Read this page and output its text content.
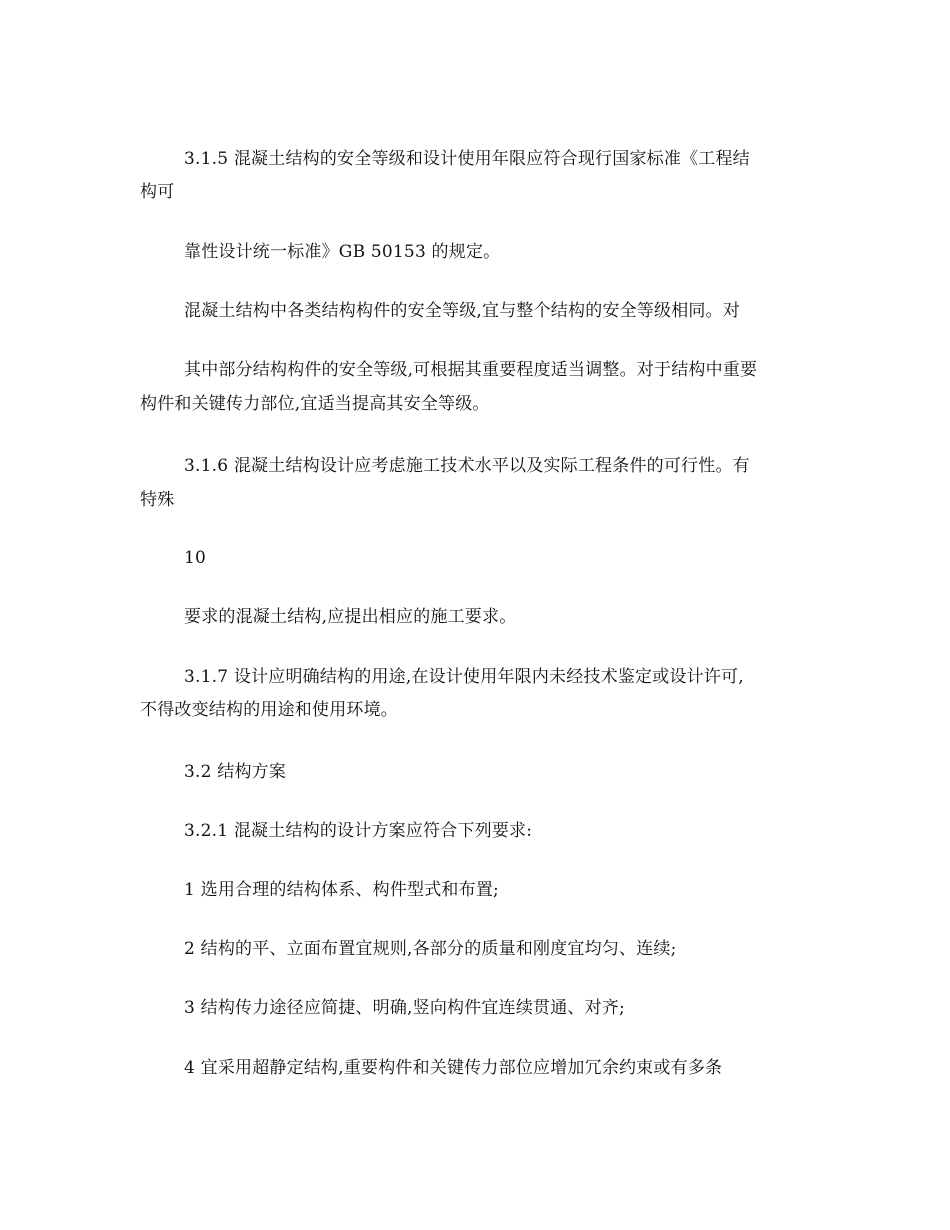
3.1.5 混凝土结构的安全等级和设计使用年限应符合现行国家标准《工程结
构可
靠性设计统一标准》GB 50153 的规定。
混凝土结构中各类结构构件的安全等级,宜与整个结构的安全等级相同。对
其中部分结构构件的安全等级,可根据其重要程度适当调整。对于结构中重要
构件和关键传力部位,宜适当提高其安全等级。
3.1.6 混凝土结构设计应考虑施工技术水平以及实际工程条件的可行性。有
特殊
10
要求的混凝土结构,应提出相应的施工要求。
3.1.7 设计应明确结构的用途,在设计使用年限内未经技术鉴定或设计许可,
不得改变结构的用途和使用环境。
3.2 结构方案
3.2.1 混凝土结构的设计方案应符合下列要求:
1 选用合理的结构体系、构件型式和布置;
2 结构的平、立面布置宜规则,各部分的质量和刚度宜均匀、连续;
3 结构传力途径应简捷、明确,竖向构件宜连续贯通、对齐;
4 宜采用超静定结构,重要构件和关键传力部位应增加冗余约束或有多条
